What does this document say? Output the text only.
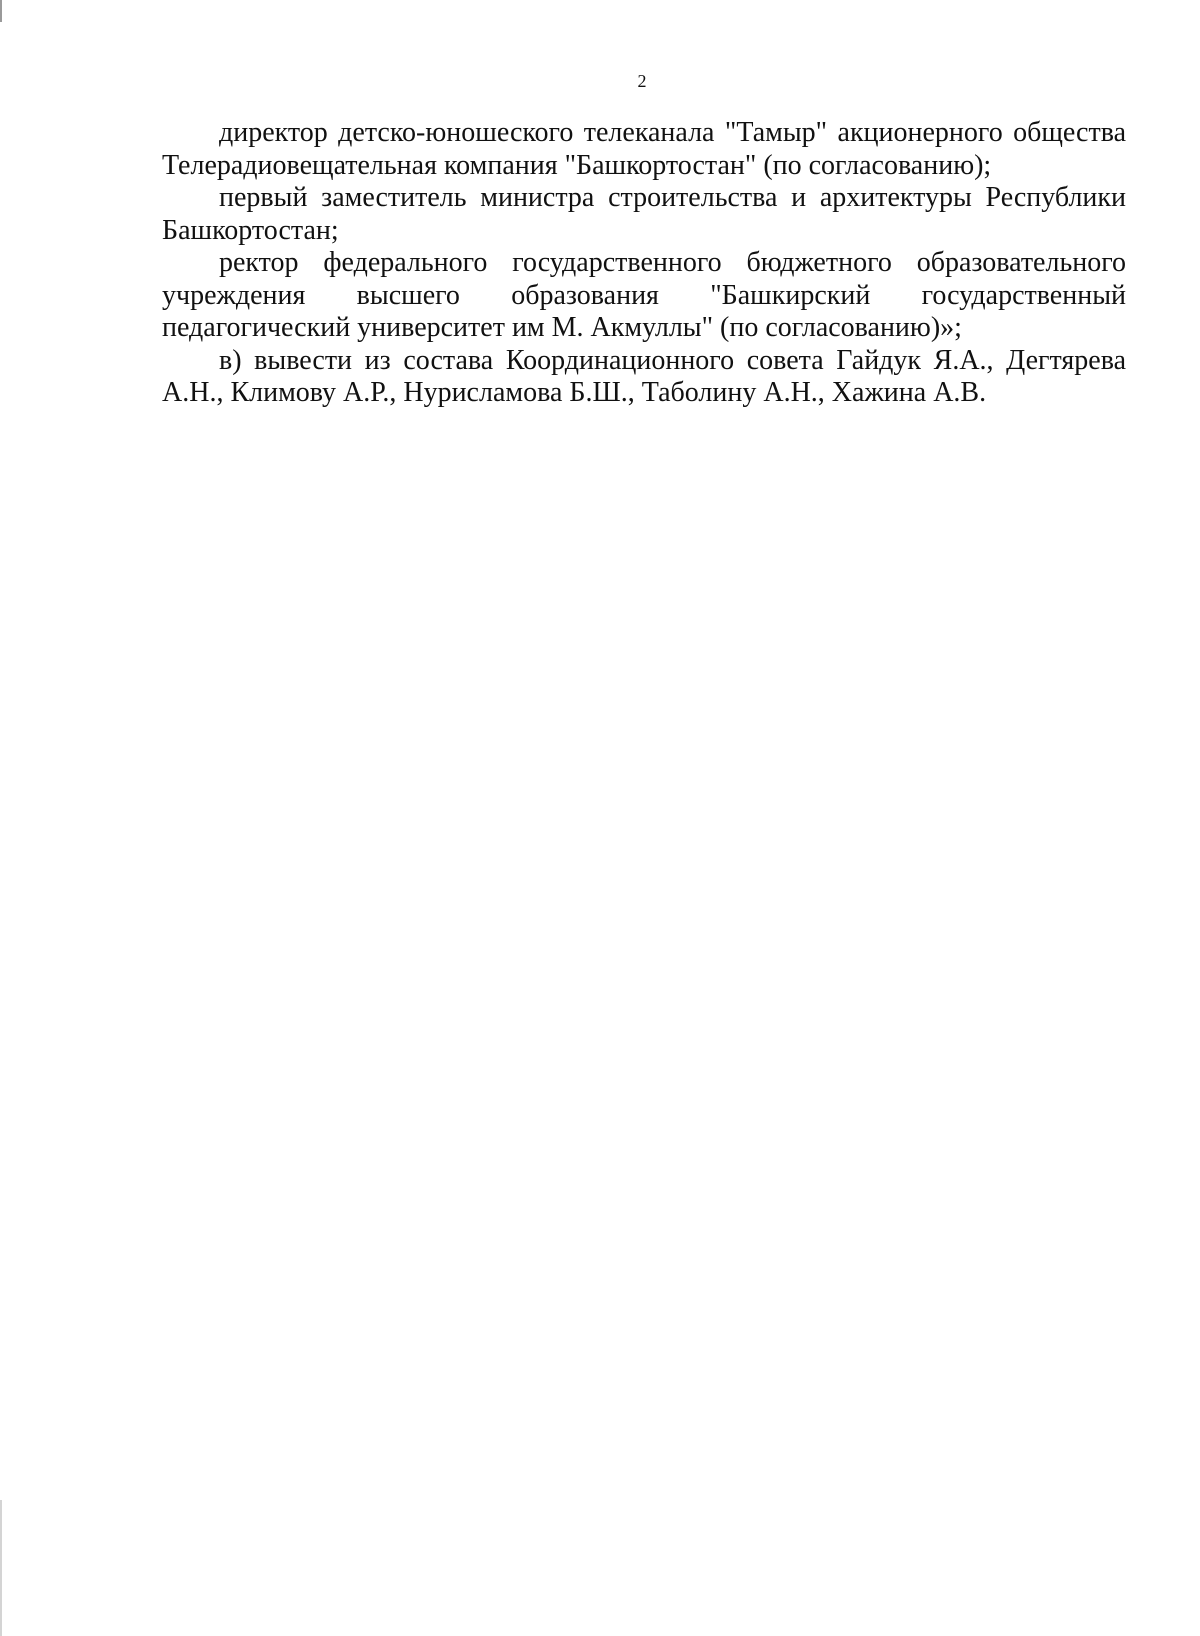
2

директор детско-юношеского телеканала "Тамыр" акционерного общества Телерадиовещательная компания "Башкортостан" (по согласованию);

первый заместитель министра строительства и архитектуры Республики Башкортостан;

ректор федерального государственного бюджетного образовательного учреждения высшего образования "Башкирский государственный педагогический университет им М. Акмуллы" (по согласованию)»;

в) вывести из состава Координационного совета Гайдук Я.А., Дегтярева А.Н., Климову А.Р., Нурисламова Б.Ш., Таболину А.Н., Хажина А.В.
